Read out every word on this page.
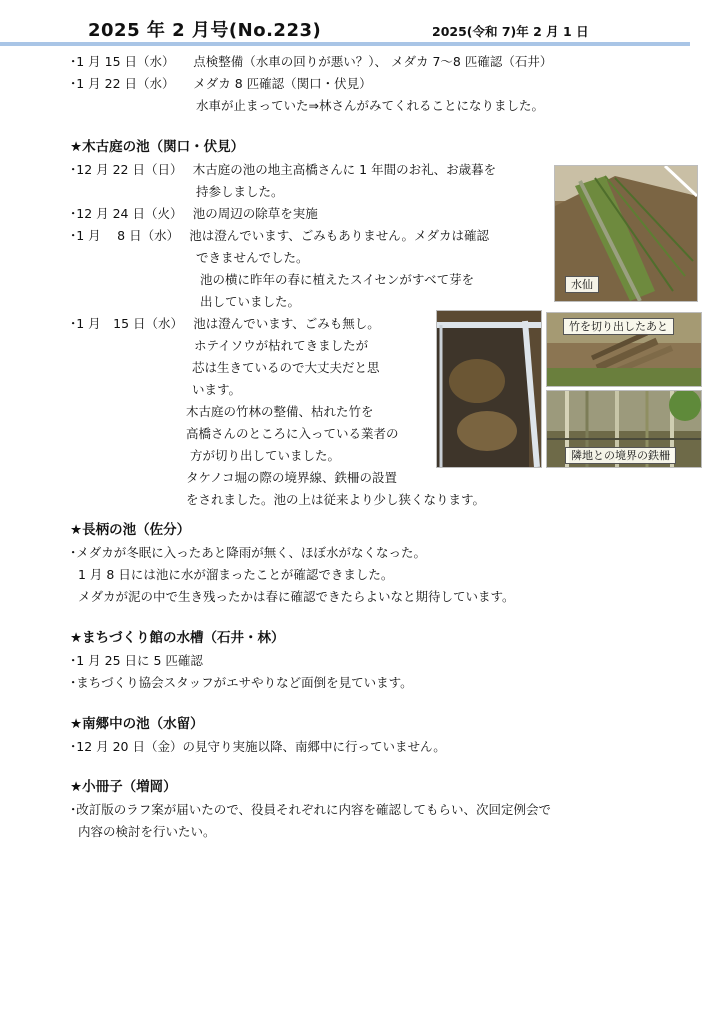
2025 年 2 月号(No.223)	2025(令和 7)年 2 月 1 日
･1 月 15 日（水）　　点検整備（水車の回りが悪い？）、 メダカ 7～8 匹確認（石井）
･1 月 22 日（水）　　メダカ 8 匹確認（関口・伏見）
水車が止まっていた⇒林さんがみてくれることになりました。
★木古庭の池（関口・伏見）
･12 月 22 日（日）　 木古庭の池の地主高橋さんに 1 年間のお礼、お歳暮を
持参しました。
･12 月 24 日（火）　 池の周辺の除草を実施
･1 月　 8 日（水）　 池は澄んでいます、ごみもありません。メダカは確認
できませんでした。
池の横に昨年の春に植えたスイセンがすべて芽を
出していました。
･1 月　15 日（水）　 池は澄んでいます、ごみも無し。
ホテイソウが枯れてきましたが
芯は生きているので大丈夫だと思
います。
木古庭の竹林の整備、枯れた竹を
高橋さんのところに入っている業者の
方が切り出していました。
タケノコ堀の際の境界線、鉄柵の設置
をされました。池の上は従来より少し狭くなります。
水仙
竹を切り出したあと
隣地との境界の鉄柵
★長柄の池（佐分）
･メダカが冬眠に入ったあと降雨が無く、ほぼ水がなくなった。
1 月 8 日には池に水が溜まったことが確認できました。
メダカが泥の中で生き残ったかは春に確認できたらよいなと期待しています。
★まちづくり館の水槽（石井・林）
･1 月 25 日に 5 匹確認
･まちづくり協会スタッフがエサやりなど面倒を見ています。
★南郷中の池（水留）
･12 月 20 日（金）の見守り実施以降、南郷中に行っていません。
★小冊子（増岡）
･改訂版のラフ案が届いたので、役員それぞれに内容を確認してもらい、次回定例会で
内容の検討を行いたい。
